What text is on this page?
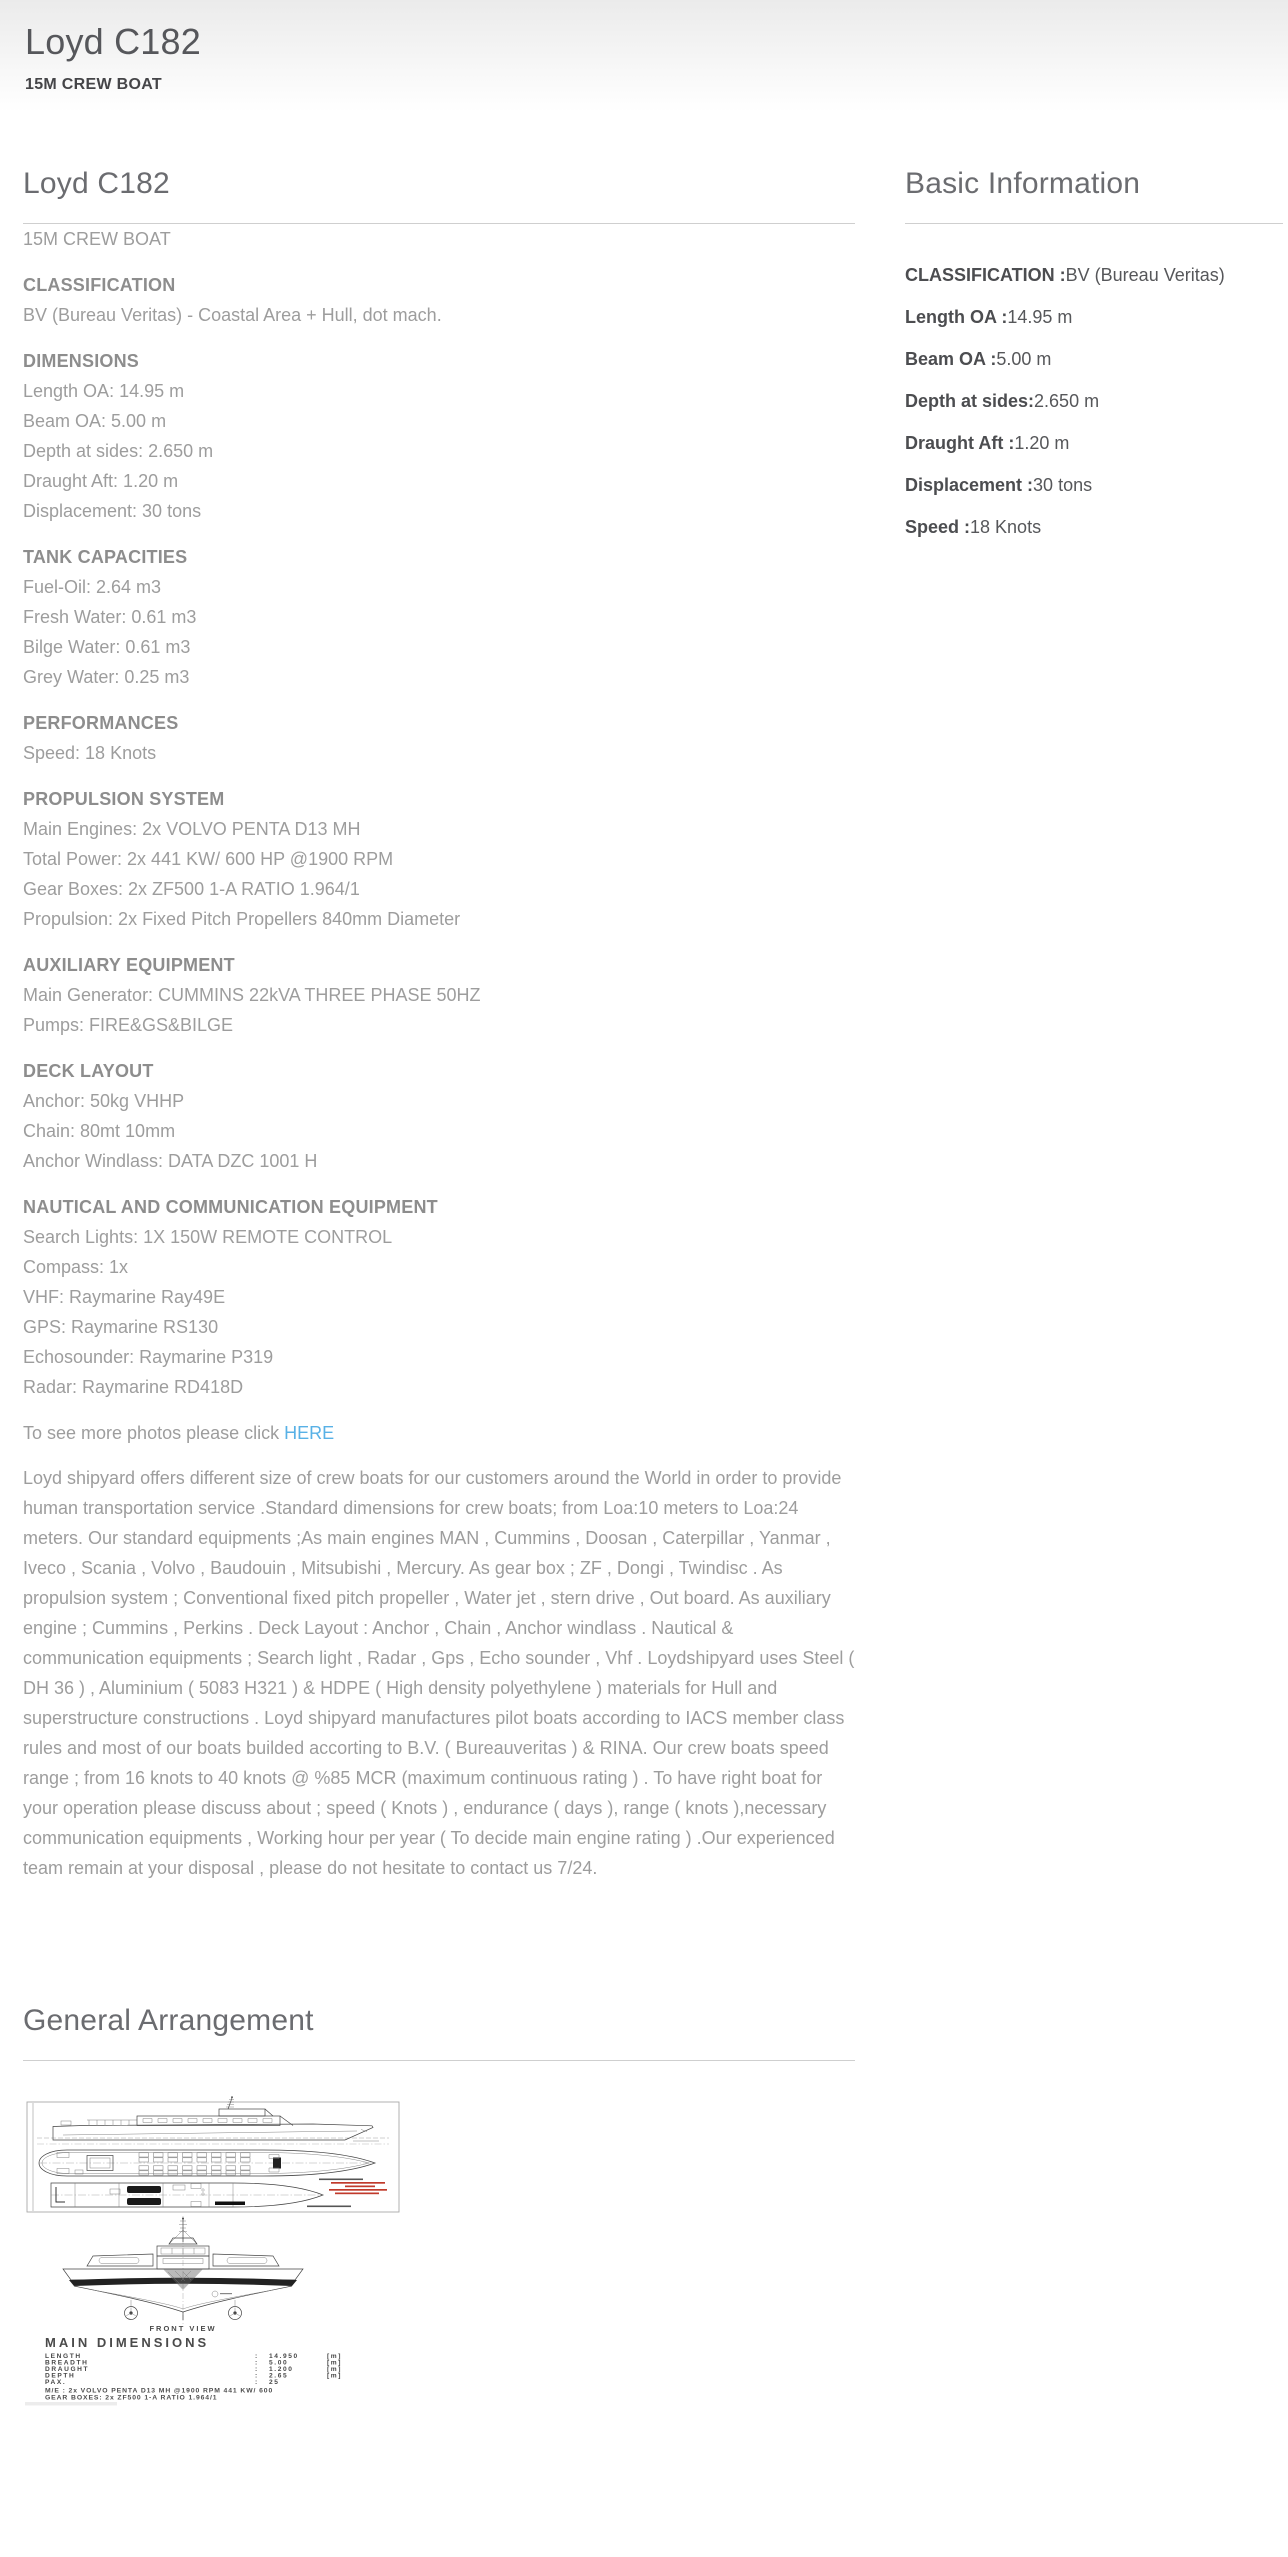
Loyd C182
15M CREW BOAT
Loyd C182

15M CREW BOAT

CLASSIFICATION

BV (Bureau Veritas) - Coastal Area + Hull, dot mach.

DIMENSIONS

Length OA: 14.95 m

Beam OA: 5.00 m

Depth at sides: 2.650 m

Draught Aft: 1.20 m

Displacement: 30 tons

TANK CAPACITIES

Fuel-Oil: 2.64 m3

Fresh Water: 0.61 m3

Bilge Water: 0.61 m3

Grey Water: 0.25 m3

PERFORMANCES

Speed: 18 Knots

PROPULSION SYSTEM

Main Engines: 2x VOLVO PENTA D13 MH

Total Power: 2x 441 KW/ 600 HP @1900 RPM

Gear Boxes: 2x ZF500 1-A RATIO 1.964/1

Propulsion: 2x Fixed Pitch Propellers 840mm Diameter

AUXILIARY EQUIPMENT

Main Generator: CUMMINS 22kVA THREE PHASE 50HZ

Pumps: FIRE&GS&BILGE

DECK LAYOUT

Anchor: 50kg VHHP

Chain: 80mt 10mm

Anchor Windlass: DATA DZC 1001 H

NAUTICAL AND COMMUNICATION EQUIPMENT

Search Lights: 1X 150W REMOTE CONTROL

Compass: 1x

VHF: Raymarine Ray49E

GPS: Raymarine RS130

Echosounder: Raymarine P319

Radar: Raymarine RD418D

To see more photos please click HERE

Loyd shipyard offers different size of crew boats for our customers around the World in order to provide human transportation service .Standard dimensions for crew boats; from Loa:10 meters to Loa:24 meters. Our standard equipments ;As main engines MAN , Cummins , Doosan , Caterpillar , Yanmar , Iveco , Scania , Volvo , Baudouin , Mitsubishi , Mercury. As gear box ; ZF , Dongi , Twindisc . As propulsion system ; Conventional fixed pitch propeller , Water jet , stern drive , Out board. As auxiliary engine ; Cummins , Perkins . Deck Layout : Anchor , Chain , Anchor windlass . Nautical & communication equipments ; Search light , Radar , Gps , Echo sounder , Vhf . Loydshipyard uses Steel ( DH 36 ) , Aluminium ( 5083 H321 ) & HDPE ( High density polyethylene ) materials for Hull and superstructure constructions . Loyd shipyard manufactures pilot boats according to IACS member class rules and most of our boats builded accorting to B.V. ( Bureauveritas ) & RINA. Our crew boats speed range ; from 16 knots to 40 knots @ %85 MCR (maximum continuous rating ) . To have right boat for your operation please discuss about ; speed ( Knots ) , endurance ( days ), range ( knots ),necessary communication equipments , Working hour per year ( To decide main engine rating ) .Our experienced team remain at your disposal , please do not hesitate to contact us 7/24.

General Arrangement
FRONT VIEW
MAIN DIMENSIONS
LENGTH	: 14.950	[m]
BREADTH	: 5.00	[m]
DRAUGHT	: 1.200	[m]
DEPTH	: 2.65	[m]
PAX.	: 25
M/E : 2x VOLVO PENTA D13 MH @1900 RPM 441 KW/ 600
GEAR BOXES: 2x ZF500 1-A RATIO 1.964/1
Basic Information
CLASSIFICATION :BV (Bureau Veritas)
Length OA :14.95 m
Beam OA :5.00 m
Depth at sides:2.650 m
Draught Aft :1.20 m
Displacement :30 tons
Speed :18 Knots
